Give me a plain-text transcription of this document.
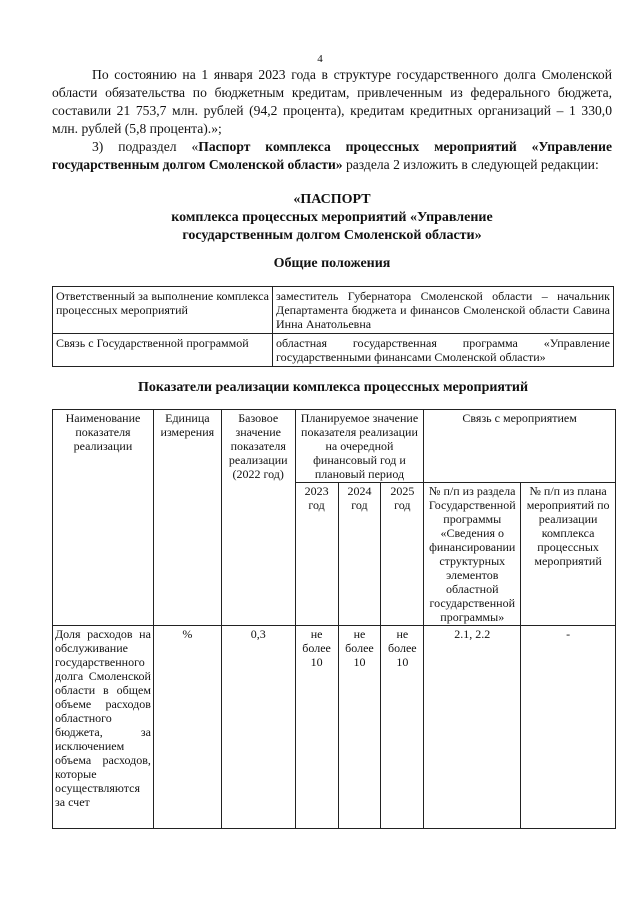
4
По состоянию на 1 января 2023 года в структуре государственного долга Смоленской области обязательства по бюджетным кредитам, привлеченным из федерального бюджета, составили 21 753,7 млн. рублей (94,2 процента), кредитам кредитных организаций – 1 330,0 млн. рублей (5,8 процента).»;
3) подраздел «Паспорт комплекса процессных мероприятий «Управление государственным долгом Смоленской области» раздела 2 изложить в следующей редакции:
«ПАСПОРТ
комплекса процессных мероприятий «Управление
государственным долгом Смоленской области»
Общие положения
Ответственный за выполнение комплекса процессных мероприятий	заместитель Губернатора Смоленской области – начальник Департамента бюджета и финансов Смоленской области Савина Инна Анатольевна
Связь с Государственной программой	областная государственная программа «Управление государственными финансами Смоленской области»
Показатели реализации комплекса процессных мероприятий
Наименование показателя реализации	Единица измерения	Базовое значение показателя реализации (2022 год)	Планируемое значение показателя реализации на очередной финансовый год и плановый период			Связь с мероприятием	
			2023 год	2024 год	2025 год	№ п/п из раздела Государственной программы «Сведения о финансировании структурных элементов областной государственной программы»	№ п/п из плана мероприятий по реализации комплекса процессных мероприятий
Доля расходов на обслуживание государственного долга Смоленской области в общем объеме расходов областного бюджета, за исключением объема расходов, которые осуществляются за счет	%	0,3	не более 10	не более 10	не более 10	2.1, 2.2	-
